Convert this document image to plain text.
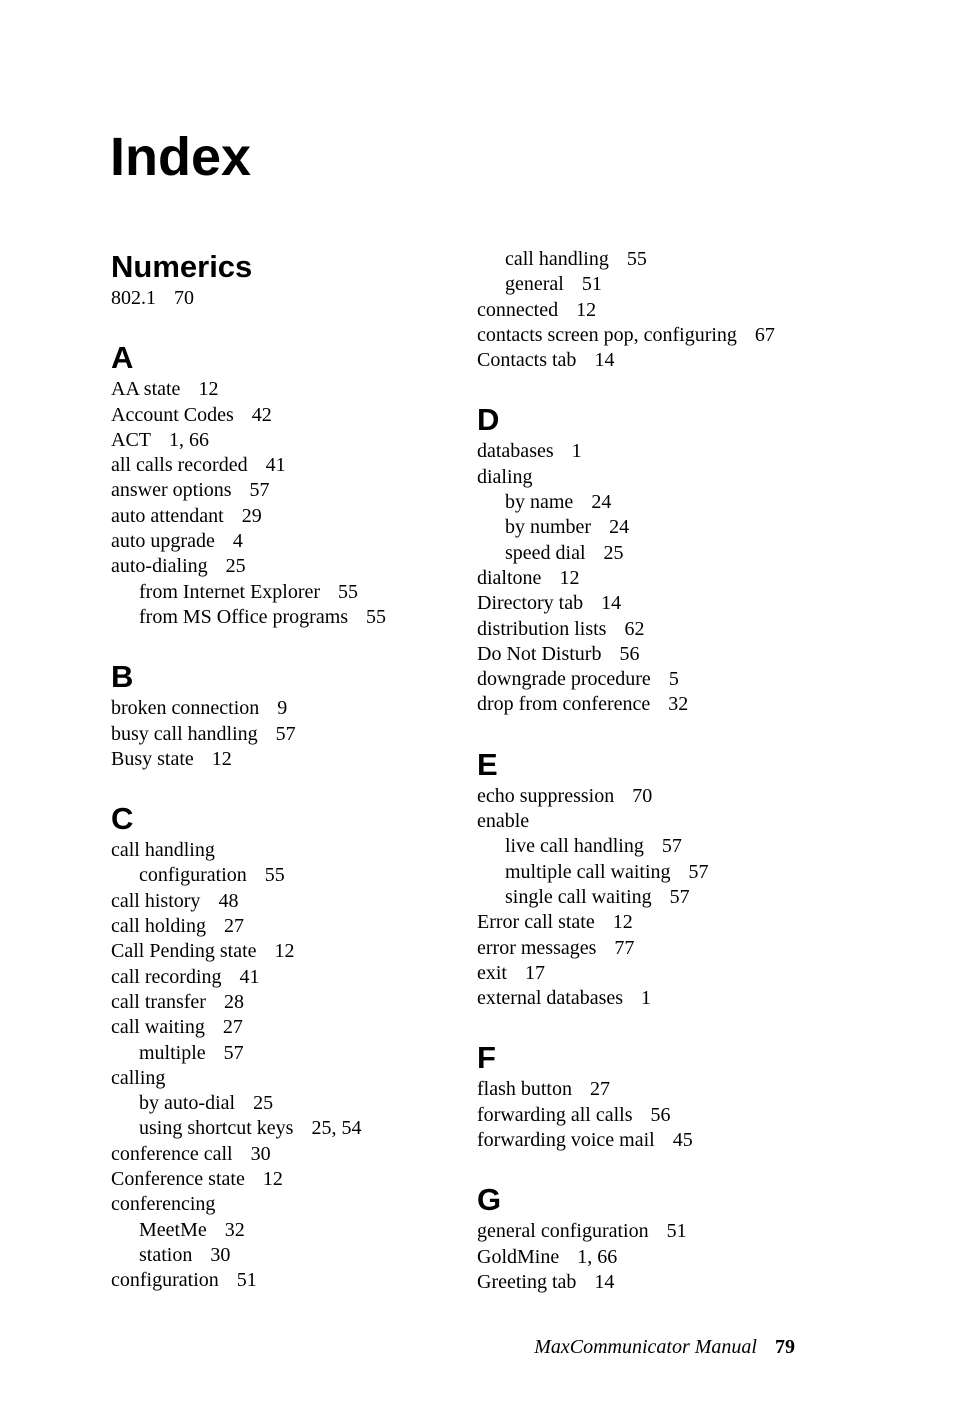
Index
Numerics
802.1 70
A
AA state 12
Account Codes 42
ACT 1, 66
all calls recorded 41
answer options 57
auto attendant 29
auto upgrade 4
auto-dialing 25
from Internet Explorer 55
from MS Office programs 55
B
broken connection 9
busy call handling 57
Busy state 12
C
call handling
configuration 55
call history 48
call holding 27
Call Pending state 12
call recording 41
call transfer 28
call waiting 27
multiple 57
calling
by auto-dial 25
using shortcut keys 25, 54
conference call 30
Conference state 12
conferencing
MeetMe 32
station 30
configuration 51
call handling 55
general 51
connected 12
contacts screen pop, configuring 67
Contacts tab 14
D
databases 1
dialing
by name 24
by number 24
speed dial 25
dialtone 12
Directory tab 14
distribution lists 62
Do Not Disturb 56
downgrade procedure 5
drop from conference 32
E
echo suppression 70
enable
live call handling 57
multiple call waiting 57
single call waiting 57
Error call state 12
error messages 77
exit 17
external databases 1
F
flash button 27
forwarding all calls 56
forwarding voice mail 45
G
general configuration 51
GoldMine 1, 66
Greeting tab 14
MaxCommunicator Manual 79
